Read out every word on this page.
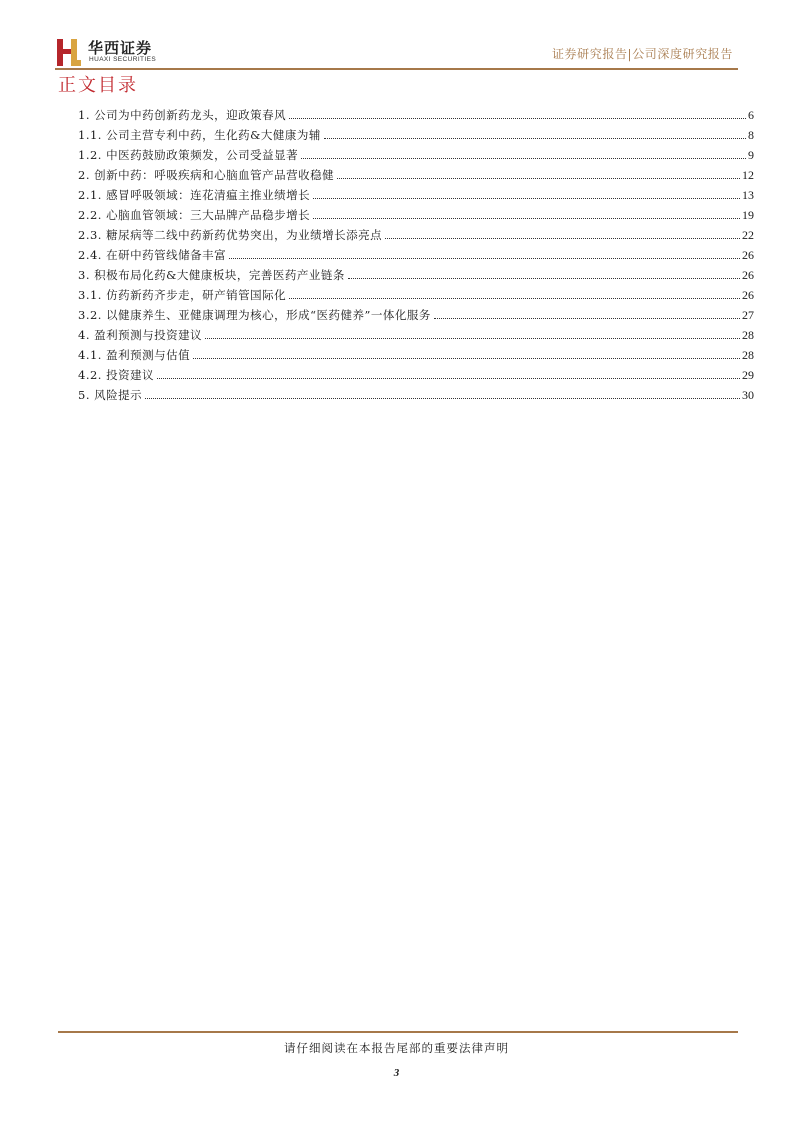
华西证券
HUAXI SECURITIES	证券研究报告|公司深度研究报告
正文目录
1. 公司为中药创新药龙头，迎政策春风	6
1.1. 公司主营专利中药，生化药&大健康为辅	8
1.2. 中医药鼓励政策频发，公司受益显著	9
2. 创新中药：呼吸疾病和心脑血管产品营收稳健	12
2.1. 感冒呼吸领域：连花清瘟主推业绩增长	13
2.2. 心脑血管领域：三大品牌产品稳步增长	19
2.3. 糖尿病等二线中药新药优势突出，为业绩增长添亮点	22
2.4. 在研中药管线储备丰富	26
3. 积极布局化药&大健康板块，完善医药产业链条	26
3.1. 仿药新药齐步走，研产销管国际化	26
3.2. 以健康养生、亚健康调理为核心，形成“医药健养”一体化服务	27
4. 盈利预测与投资建议	28
4.1. 盈利预测与估值	28
4.2. 投资建议	29
5. 风险提示	30
请仔细阅读在本报告尾部的重要法律声明
3
